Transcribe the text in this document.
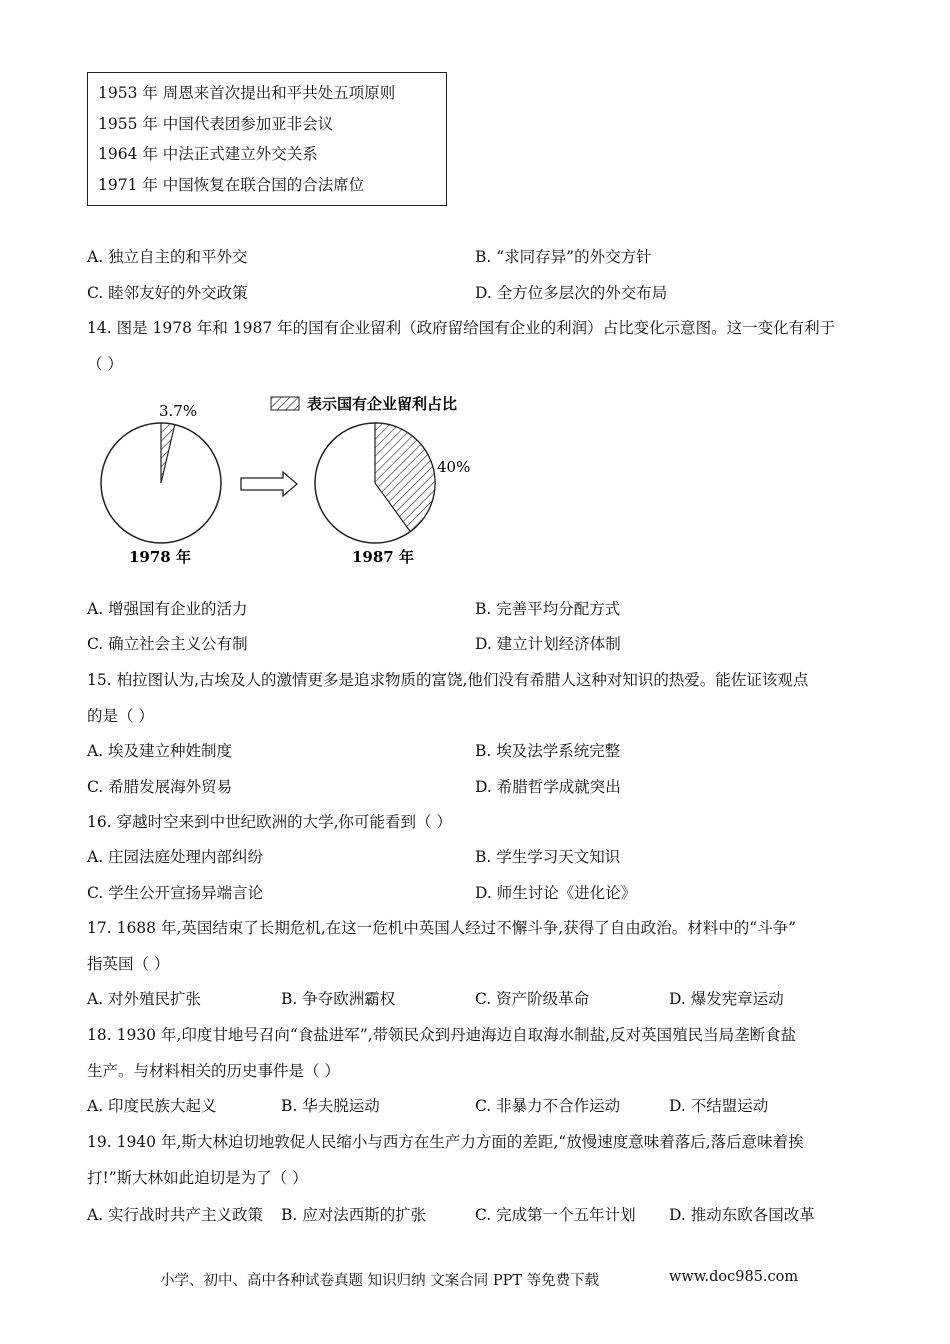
1953 年 周恩来首次提出和平共处五项原则
1955 年 中国代表团参加亚非会议
1964 年 中法正式建立外交关系
1971 年 中国恢复在联合国的合法席位
A. 独立自主的和平外交	B. “求同存异”的外交方针
C. 睦邻友好的外交政策	D. 全方位多层次的外交布局
14. 图是 1978 年和 1987 年的国有企业留利（政府留给国有企业的利润）占比变化示意图。这一变化有利于
（ ）
表示国有企业留利占比
3.7%
1978 年
40%
1987 年
A. 增强国有企业的活力	B. 完善平均分配方式
C. 确立社会主义公有制	D. 建立计划经济体制
15. 柏拉图认为,古埃及人的激情更多是追求物质的富饶,他们没有希腊人这种对知识的热爱。能佐证该观点
的是（ ）
A. 埃及建立种姓制度	B. 埃及法学系统完整
C. 希腊发展海外贸易	D. 希腊哲学成就突出
16. 穿越时空来到中世纪欧洲的大学,你可能看到（ ）
A. 庄园法庭处理内部纠纷	B. 学生学习天文知识
C. 学生公开宣扬异端言论	D. 师生讨论《进化论》
17. 1688 年,英国结束了长期危机,在这一危机中英国人经过不懈斗争,获得了自由政治。材料中的“斗争”
指英国（ ）
A. 对外殖民扩张	B. 争夺欧洲霸权	C. 资产阶级革命	D. 爆发宪章运动
18. 1930 年,印度甘地号召向“食盐进军”,带领民众到丹迪海边自取海水制盐,反对英国殖民当局垄断食盐
生产。与材料相关的历史事件是（ ）
A. 印度民族大起义	B. 华夫脱运动	C. 非暴力不合作运动	D. 不结盟运动
19. 1940 年,斯大林迫切地敦促人民缩小与西方在生产力方面的差距,“放慢速度意味着落后,落后意味着挨
打!”斯大林如此迫切是为了（ ）
A. 实行战时共产主义政策 B. 应对法西斯的扩张	C. 完成第一个五年计划 D. 推动东欧各国改革
小学、初中、高中各种试卷真题 知识归纳 文案合同 PPT 等免费下载	www.doc985.com
